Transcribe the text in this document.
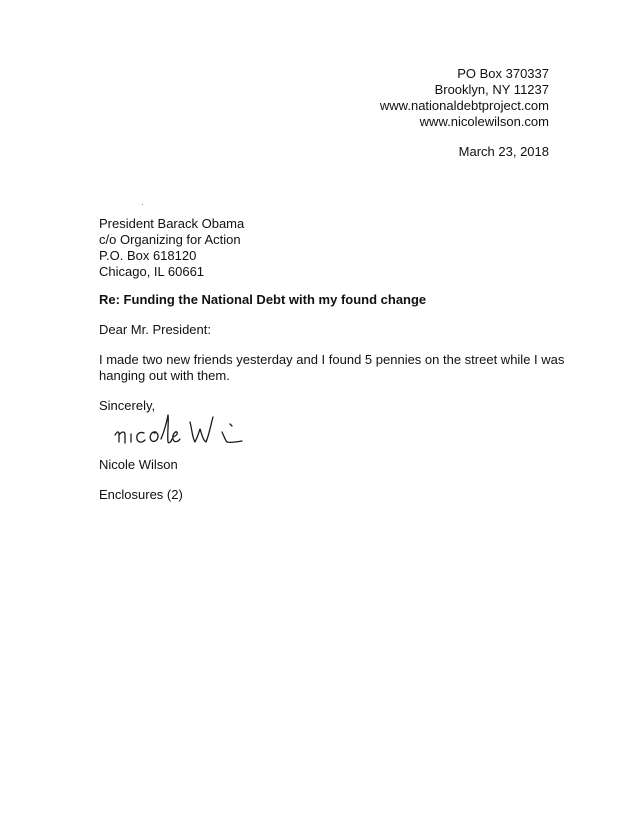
PO Box 370337
Brooklyn, NY 11237
www.nationaldebtproject.com
www.nicolewilson.com
March 23, 2018
President Barack Obama
c/o Organizing for Action
P.O. Box 618120
Chicago, IL 60661
Re: Funding the National Debt with my found change
Dear Mr. President:
I made two new friends yesterday and I found 5 pennies on the street while I was
hanging out with them.
Sincerely,
Nicole Wilson
Enclosures (2)
